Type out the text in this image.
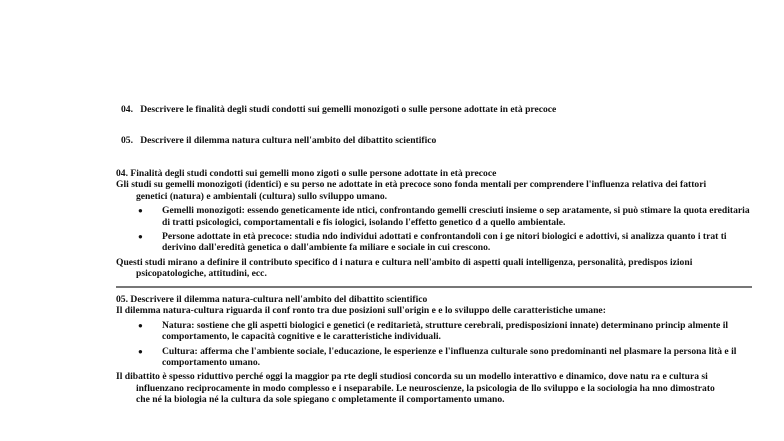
04. Descrivere le finalità degli studi condotti sui gemelli monozigoti o sulle persone adottate in età precoce
05. Descrivere il dilemma natura cultura nell'ambito del dibattito scientifico
04. Finalità degli studi condotti sui gemelli mono zigoti o sulle persone adottate in età precoce
Gli studi su gemelli monozigoti (identici) e su perso ne adottate in età precoce sono fonda mentali per comprendere l'influenza relativa dei fattori
genetici (natura) e ambientali (cultura) sullo sviluppo umano.
● Gemelli monozigoti: essendo geneticamente ide ntici, confrontando gemelli cresciuti insieme o sep aratamente, si può stimare la quota ereditaria di tratti psicologici, comportamentali e fis iologici, isolando l'effetto genetico d a quello ambientale.
● Persone adottate in età precoce: studia ndo individui adottati e confrontandoli con i ge nitori biologici e adottivi, si analizza quanto i trat ti derivino dall'eredità genetica o dall'ambiente fa miliare e sociale in cui crescono.
Questi studi mirano a definire il contributo specifico d i natura e cultura nell'ambito di aspetti quali intelligenza, personalità, predispos izioni
psicopatologiche, attitudini, ecc.
05. Descrivere il dilemma natura-cultura nell'ambito del dibattito scientifico
Il dilemma natura-cultura riguarda il conf ronto tra due posizioni sull'origin e e lo sviluppo delle caratteristiche umane:
● Natura: sostiene che gli aspetti biologici e genetici (e reditarietà, strutture cerebrali, predisposizioni innate) determinano princip almente il comportamento, le capacità cognitive e le caratteristiche individuali.
● Cultura: afferma che l'ambiente sociale, l'educazione, le esperienze e l'influenza culturale sono predominanti nel plasmare la persona lità e il comportamento umano.
Il dibattito è spesso riduttivo perché oggi la maggior pa rte degli studiosi concorda su un modello interattivo e dinamico, dove natu ra e cultura si
influenzano reciprocamente in modo complesso e i nseparabile. Le neuroscienze, la psicologia de llo sviluppo e la sociologia ha nno dimostrato
che né la biologia né la cultura da sole spiegano c ompletamente il comportamento umano.
